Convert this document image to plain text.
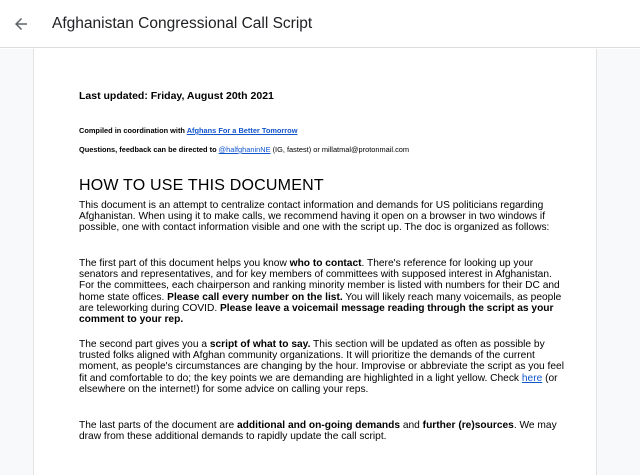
Afghanistan Congressional Call Script
Last updated: Friday, August 20th 2021
Compiled in coordination with Afghans For a Better Tomorrow
Questions, feedback can be directed to @halfghaninNE (IG, fastest) or millatmal@protonmail.com
HOW TO USE THIS DOCUMENT
This document is an attempt to centralize contact information and demands for US politicians regarding Afghanistan. When using it to make calls, we recommend having it open on a browser in two windows if possible, one with contact information visible and one with the script up. The doc is organized as follows:
The first part of this document helps you know who to contact. There's reference for looking up your senators and representatives, and for key members of committees with supposed interest in Afghanistan. For the committees, each chairperson and ranking minority member is listed with numbers for their DC and home state offices. Please call every number on the list. You will likely reach many voicemails, as people are teleworking during COVID. Please leave a voicemail message reading through the script as your comment to your rep.
The second part gives you a script of what to say. This section will be updated as often as possible by trusted folks aligned with Afghan community organizations. It will prioritize the demands of the current moment, as people's circumstances are changing by the hour. Improvise or abbreviate the script as you feel fit and comfortable to do; the key points we are demanding are highlighted in a light yellow. Check here (or elsewhere on the internet!) for some advice on calling your reps.
The last parts of the document are additional and on-going demands and further (re)sources. We may draw from these additional demands to rapidly update the call script.
